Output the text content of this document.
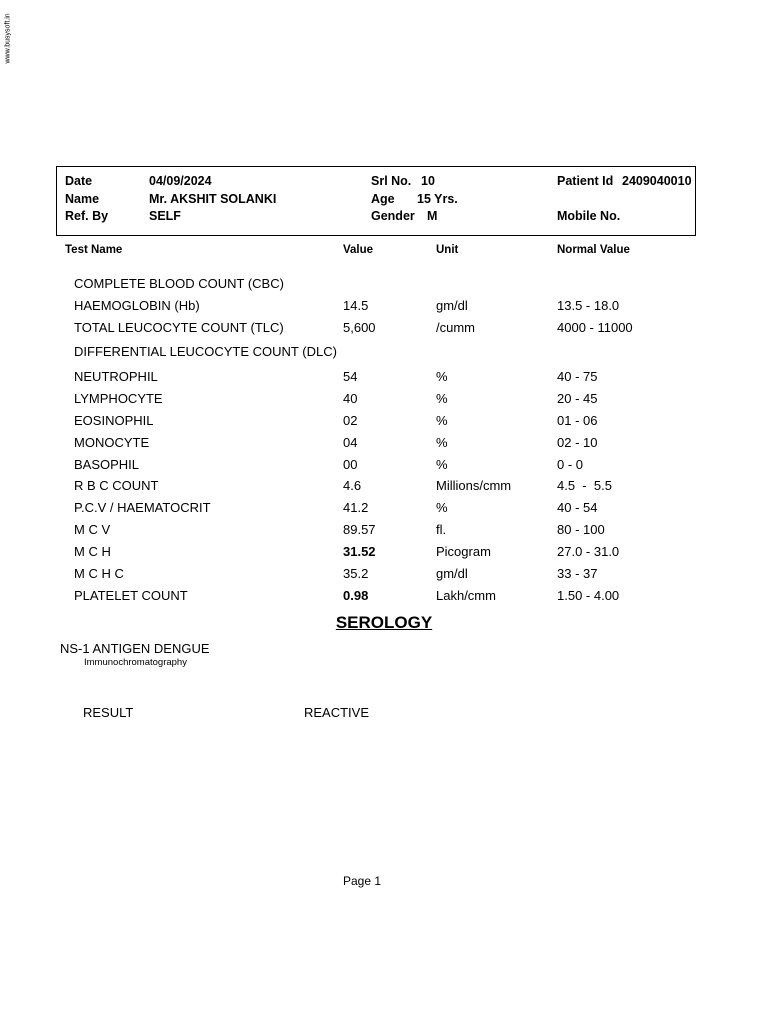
www.busysoft.in
Date	04/09/2024
Name	Mr. AKSHIT SOLANKI
Ref. By	SELF
Srl No. 10
Age 15 Yrs.
Gender M
Patient Id 2409040010
Mobile No.
Test Name	Value	Unit	Normal Value
COMPLETE BLOOD COUNT (CBC)
HAEMOGLOBIN (Hb)	14.5	gm/dl	13.5 - 18.0
TOTAL LEUCOCYTE COUNT (TLC)	5,600	/cumm	4000 - 11000
DIFFERENTIAL LEUCOCYTE COUNT (DLC)
NEUTROPHIL	54	%	40 - 75
LYMPHOCYTE	40	%	20 - 45
EOSINOPHIL	02	%	01 - 06
MONOCYTE	04	%	02 - 10
BASOPHIL	00	%	0 - 0
R B C COUNT	4.6	Millions/cmm	4.5  -  5.5
P.C.V / HAEMATOCRIT	41.2	%	40 - 54
M C V	89.57	fl.	80 - 100
M C H	31.52	Picogram	27.0 - 31.0
M C H C	35.2	gm/dl	33 - 37
PLATELET COUNT	0.98	Lakh/cmm	1.50 - 4.00
SEROLOGY
NS-1 ANTIGEN DENGUE
Immunochromatography
RESULT	REACTIVE
Page 1
